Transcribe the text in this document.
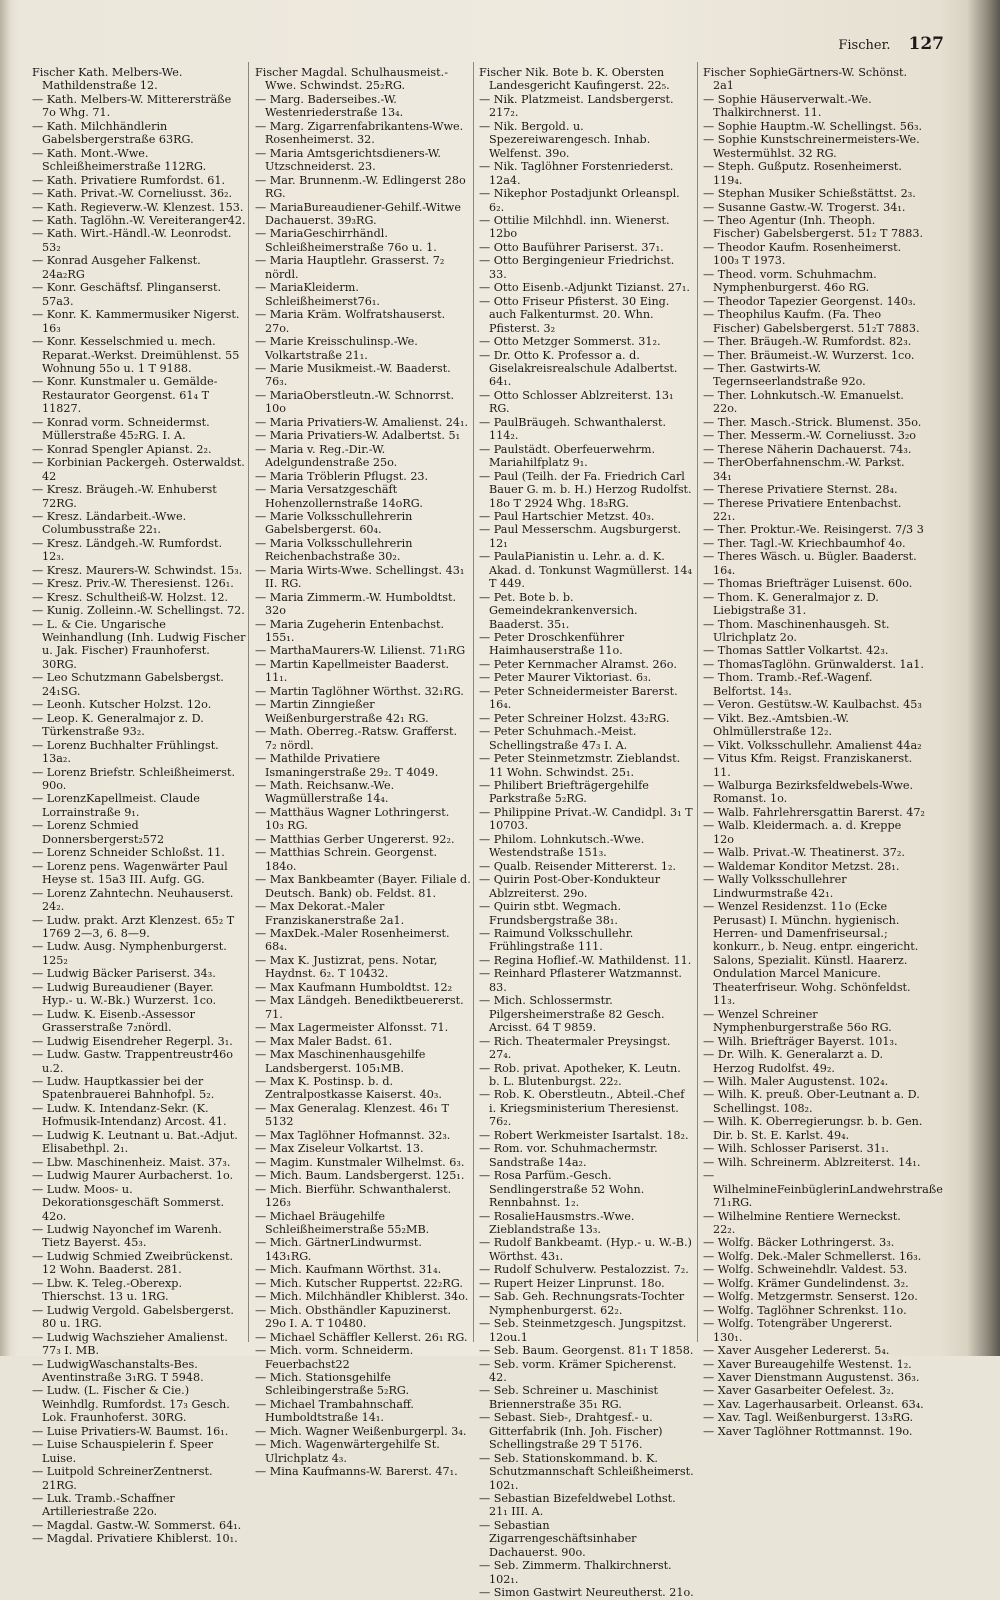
Fischer. 127
Fischer Kath. Melbers-We. Mathildenstraße 12.
— Kath. Melbers-W. Mitterersträße 7o Whg. 71.
— Kath. Milchhändlerin Gabelsbergerstraße 63RG.
— Kath. Mont.-Wwe. Schleißheimerstraße 112RG.
— Kath. Privatiere Rumfordst. 61.
— Kath. Privat.-W. Corneliusst. 36₂.
— Kath. Regieverw.-W. Klenzest. 153.
— Kath. Taglöhn.-W. Vereiteranger42.
— Kath. Wirt.-Händl.-W. Leonrodst. 53₂
— Konrad Ausgeher Falkenst. 24a₂RG
— Konr. Geschäftsf. Plinganserst. 57a3.
— Konr. K. Kammermusiker Nigerst. 16₃
— Konr. Kesselschmied u. mech. Reparat.-Werkst. Dreimühlenst. 55 Wohnung 55o u. 1 T 9188.
— Konr. Kunstmaler u. Gemälde-Restaurator Georgenst. 61₄ T 11827.
— Konrad vorm. Schneidermst. Müllerstraße 45₂RG. I. A.
— Konrad Spengler Apianst. 2₂.
— Korbinian Packergeh. Osterwaldst. 42
— Kresz. Bräugeh.-W. Enhuberst 72RG.
— Kresz. Ländarbeit.-Wwe. Columbusstraße 22₁.
— Kresz. Ländgeh.-W. Rumfordst. 12₃.
— Kresz. Maurers-W. Schwindst. 15₃.
— Kresz. Priv.-W. Theresienst. 126₁.
— Kresz. Schultheiß-W. Holzst. 12.
— Kunig. Zolleinn.-W. Schellingst. 72.
— L. & Cie. Ungarische Weinhandlung (Inh. Ludwig Fischer u. Jak. Fischer) Fraunhoferst. 30RG.
— Leo Schutzmann Gabelsbergst. 24₁SG.
— Leonh. Kutscher Holzst. 12o.
— Leop. K. Generalmajor z. D. Türkenstraße 93₂.
— Lorenz Buchhalter Frühlingst. 13a₂.
— Lorenz Briefstr. Schleißheimerst. 90o.
— LorenzKapellmeist. Claude Lorrainstraße 9₁.
— Lorenz Schmied Donnersbergerst₂572
— Lorenz Schneider Schloßst. 11.
— Lorenz pens. Wagenwärter Paul Heyse st. 15a3 III. Aufg. GG.
— Lorenz Zahntechn. Neuhauserst. 24₂.
— Ludw. prakt. Arzt Klenzest. 65₂ T 1769 2—3, 6. 8—9.
— Ludw. Ausg. Nymphenburgerst. 125₂
— Ludwig Bäcker Pariserst. 34₃.
— Ludwig Bureaudiener (Bayer. Hyp.- u. W.-Bk.) Wurzerst. 1co.
— Ludw. K. Eisenb.-Assessor Grasserstraße 7₂nördl.
— Ludwig Eisendreher Regerpl. 3₁.
— Ludw. Gastw. Trappentreustr46o u.2.
— Ludw. Hauptkassier bei der Spatenbrauerei Bahnhofpl. 5₂.
— Ludw. K. Intendanz-Sekr. (K. Hofmusik-Intendanz) Arcost. 41.
— Ludwig K. Leutnant u. Bat.-Adjut. Elisabethpl. 2₁.
— Lbw. Maschinenheiz. Maist. 37₃.
— Ludwig Maurer Aurbacherst. 1o.
— Ludw. Moos- u. Dekorationsgeschäft Sommerst. 42o.
— Ludwig Nayonchef im Warenh. Tietz Bayerst. 45₃.
— Ludwig Schmied Zweibrückenst. 12 Wohn. Baaderst. 281.
— Lbw. K. Teleg.-Oberexp. Thierschst. 13 u. 1RG.
— Ludwig Vergold. Gabelsbergerst. 80 u. 1RG.
— Ludwig Wachszieher Amalienst. 77₃ I. MB.
— LudwigWaschanstalts-Bes. Aventinstraße 3₁RG. T 5948.
— Ludw. (L. Fischer & Cie.) Weinhdlg. Rumfordst. 17₃ Gesch. Lok. Fraunhoferst. 30RG.
— Luise Privatiers-W. Baumst. 16₁.
— Luise Schauspielerin f. Speer Luise.
— Luitpold SchreinerZentnerst. 21RG.
— Luk. Tramb.-Schaffner Artilleriestraße 22o.
— Magdal. Gastw.-W. Sommerst. 64₁.
— Magdal. Privatiere Khiblerst. 10₁.
Fischer Magdal. Schulhausmeist.-Wwe. Schwindst. 25₂RG.
— Marg. Baderseibes.-W. Westenriederstraße 13₄.
— Marg. Zigarrenfabrikantens-Wwe. Rosenheimerst. 32.
— Maria Amtsgerichtsdieners-W. Utzschneiderst. 23.
— Mar. Brunnenm.-W. Edlingerst 28o RG.
— MariaBureaudiener-Gehilf.-Witwe Dachauerst. 39₃RG.
— MariaGeschirrhändl. Schleißheimerstraße 76o u. 1.
— Maria Hauptlehr. Grasserst. 7₂ nördl.
— MariaKleiderm. Schleißheimerst76₁.
— Maria Kräm. Wolfratshauserst. 27o.
— Marie Kreisschulinsp.-We. Volkartstraße 21₁.
— Marie Musikmeist.-W. Baaderst. 76₃.
— MariaOberstleutn.-W. Schnorrst. 10o
— Maria Privatiers-W. Amalienst. 24₁.
— Maria Privatiers-W. Adalbertst. 5₁
— Maria v. Reg.-Dir.-W. Adelgundenstraße 25o.
— Maria Tröblerin Pflugst. 23.
— Maria Versatzgeschäft Hohenzollernstraße 14oRG.
— Marie Volksschullehrerin Gabelsbergerst. 60₄.
— Maria Volksschullehrerin Reichenbachstraße 30₂.
— Maria Wirts-Wwe. Schellingst. 43₁ II. RG.
— Maria Zimmerm.-W. Humboldtst. 32o
— Maria Zugeherin Entenbachst. 155₁.
— MarthaMaurers-W. Lilienst. 71₁RG
— Martin Kapellmeister Baaderst. 11₁.
— Martin Taglöhner Wörthst. 32₁RG.
— Martin Zinngießer Weißenburgerstraße 42₁ RG.
— Math. Oberreg.-Ratsw. Grafferst. 7₂ nördl.
— Mathilde Privatiere Ismaningerstraße 29₂. T 4049.
— Math. Reichsanw.-We. Wagmüllerstraße 14₄.
— Matthäus Wagner Lothringerst. 10₃ RG.
— Matthias Gerber Ungererst. 92₂.
— Matthias Schrein. Georgenst. 184o.
— Max Bankbeamter (Bayer. Filiale d. Deutsch. Bank) ob. Feldst. 81.
— Max Dekorat.-Maler Franziskanerstraße 2a1.
— MaxDek.-Maler Rosenheimerst. 68₄.
— Max K. Justizrat, pens. Notar, Haydnst. 6₂. T 10432.
— Max Kaufmann Humboldtst. 12₂
— Max Ländgeh. Benediktbeuererst. 71.
— Max Lagermeister Alfonsst. 71.
— Max Maler Badst. 61.
— Max Maschinenhausgehilfe Landsbergerst. 105₁MB.
— Max K. Postinsp. b. d. Zentralpostkasse Kaiserst. 40₃.
— Max Generalag. Klenzest. 46₁ T 5132
— Max Taglöhner Hofmannst. 32₃.
— Max Ziseleur Volkartst. 13.
— Magim. Kunstmaler Wilhelmst. 6₃.
— Mich. Baum. Landsbergerst. 125₁.
— Mich. Bierführ. Schwanthalerst. 126₃
— Michael Bräugehilfe Schleißheimerstraße 55₂MB.
— Mich. GärtnerLindwurmst. 143₁RG.
— Mich. Kaufmann Wörthst. 31₄.
— Mich. Kutscher Ruppertst. 22₂RG.
— Mich. Milchhändler Khiblerst. 34o.
— Mich. Obsthändler Kapuzinerst. 29o I. A. T 10480.
— Michael Schäffler Kellerst. 26₁ RG.
— Mich. vorm. Schneiderm. Feuerbachst22
— Mich. Stationsgehilfe Schleibingerstraße 5₂RG.
— Michael Trambahnschaff. Humboldtstraße 14₁.
— Mich. Wagner Weißenburgerpl. 3₄.
— Mich. Wagenwärtergehilfe St. Ulrichplatz 4₃.
— Mina Kaufmanns-W. Barerst. 47₁.
Fischer Nik. Bote b. K. Obersten Landesgericht Kaufingerst. 22₅.
— Nik. Platzmeist. Landsbergerst. 217₂.
— Nik. Bergold. u. Spezereiwarengesch. Inhab. Welfenst. 39o.
— Nik. Taglöhner Forstenriederst. 12a4.
— Nikephor Postadjunkt Orleanspl. 6₂.
— Ottilie Milchhdl. inn. Wienerst. 12bo
— Otto Bauführer Pariserst. 37₁.
— Otto Bergingenieur Friedrichst. 33.
— Otto Eisenb.-Adjunkt Tizianst. 27₁.
— Otto Friseur Pfisterst. 30 Eing. auch Falkenturmst. 20. Whn. Pfisterst. 3₂
— Otto Metzger Sommerst. 31₂.
— Dr. Otto K. Professor a. d. Giselakreisrealschule Adalbertst. 64₁.
— Otto Schlosser Ablzreiterst. 13₁ RG.
— PaulBräugeh. Schwanthalerst. 114₂.
— Paulstädt. Oberfeuerwehrm. Mariahilfplatz 9₁.
— Paul (Teilh. der Fa. Friedrich Carl Bauer G. m. b. H.) Herzog Rudolfst. 18o T 2924 Whg. 18₃RG.
— Paul Hartschier Metzst. 40₃.
— Paul Messerschm. Augsburgerst. 12₁
— PaulaPianistin u. Lehr. a. d. K. Akad. d. Tonkunst Wagmüllerst. 14₄ T 449.
— Pet. Bote b. b. Gemeindekrankenversich. Baaderst. 35₁.
— Peter Droschkenführer Haimhauserstraße 11o.
— Peter Kernmacher Alramst. 26o.
— Peter Maurer Viktoriast. 6₃.
— Peter Schneidermeister Barerst. 16₄.
— Peter Schreiner Holzst. 43₂RG.
— Peter Schuhmach.-Meist. Schellingstraße 47₃ I. A.
— Peter Steinmetzmstr. Zieblandst. 11 Wohn. Schwindst. 25₁.
— Philibert Briefträgergehilfe Parkstraße 5₂RG.
— Philippine Privat.-W. Candidpl. 3₁ T 10703.
— Philom. Lohnkutsch.-Wwe. Westendstraße 151₃.
— Qualb. Reisender Mittererst. 1₂.
— Quirin Post-Ober-Kondukteur Ablzreiterst. 29o.
— Quirin stbt. Wegmach. Frundsbergstraße 38₁.
— Raimund Volksschullehr. Frühlingstraße 111.
— Regina Hoflief.-W. Mathildenst. 11.
— Reinhard Pflasterer Watzmannst. 83.
— Mich. Schlossermstr. Pilgersheimerstraße 82 Gesch. Arcisst. 64 T 9859.
— Rich. Theatermaler Preysingst. 27₄.
— Rob. privat. Apotheker, K. Leutn. b. L. Blutenburgst. 22₂.
— Rob. K. Oberstleutn., Abteil.-Chef i. Kriegsministerium Theresienst. 76₂.
— Robert Werkmeister Isartalst. 18₂.
— Rom. vor. Schuhmachermstr. Sandstraße 14a₂.
— Rosa Parfüm.-Gesch. Sendlingerstraße 52 Wohn. Rennbahnst. 1₂.
— RosalieHausmstrs.-Wwe. Zieblandstraße 13₃.
— Rudolf Bankbeamt. (Hyp.- u. W.-B.) Wörthst. 43₁.
— Rudolf Schulverw. Pestalozzist. 7₂.
— Rupert Heizer Linprunst. 18o.
— Sab. Geh. Rechnungsrats-Tochter Nymphenburgerst. 62₂.
— Seb. Steinmetzgesch. Jungspitzst. 12ou.1
— Seb. Baum. Georgenst. 81₁ T 1858.
— Seb. vorm. Krämer Spicherenst. 42.
— Seb. Schreiner u. Maschinist Briennerstraße 35₁ RG.
— Sebast. Sieb-, Drahtgesf.- u. Gitterfabrik (Inh. Joh. Fischer) Schellingstraße 29 T 5176.
— Seb. Stationskommand. b. K. Schutzmannschaft Schleißheimerst. 102₁.
— Sebastian Bizefeldwebel Lothst. 21₁ III. A.
— Sebastian Zigarrengeschäftsinhaber Dachauerst. 90o.
— Seb. Zimmerm. Thalkirchnerst. 102₁.
— Simon Gastwirt Neureutherst. 21o.
Fischer SophieGärtners-W. Schönst. 2a1
— Sophie Häuserverwalt.-We. Thalkirchnerst. 11.
— Sophie Hauptm.-W. Schellingst. 56₃.
— Sophie Kunstschreinermeisters-We. Westermühlst. 32 RG.
— Steph. Gußputz. Rosenheimerst. 119₄.
— Stephan Musiker Schießstättst. 2₃.
— Susanne Gastw.-W. Trogerst. 34₁.
— Theo Agentur (Inh. Theoph. Fischer) Gabelsbergerst. 51₂ T 7883.
— Theodor Kaufm. Rosenheimerst. 100₃ T 1973.
— Theod. vorm. Schuhmachm. Nymphenburgerst. 46o RG.
— Theodor Tapezier Georgenst. 140₃.
— Theophilus Kaufm. (Fa. Theo Fischer) Gabelsbergerst. 51₂T 7883.
— Ther. Bräugeh.-W. Rumfordst. 82₃.
— Ther. Bräumeist.-W. Wurzerst. 1co.
— Ther. Gastwirts-W. Tegernseerlandstraße 92o.
— Ther. Lohnkutsch.-W. Emanuelst. 22o.
— Ther. Masch.-Strick. Blumenst. 35o.
— Ther. Messerm.-W. Corneliusst. 3₂o
— Therese Näherin Dachauerst. 74₃.
— TherOberfahnenschm.-W. Parkst. 34₁
— Therese Privatiere Sternst. 28₄.
— Therese Privatiere Entenbachst. 22₁.
— Ther. Proktur.-We. Reisingerst. 7/3 3
— Ther. Tagl.-W. Kriechbaumhof 4o.
— Theres Wäsch. u. Bügler. Baaderst. 16₄.
— Thomas Briefträger Luisenst. 60o.
— Thom. K. Generalmajor z. D. Liebigstraße 31.
— Thom. Maschinenhausgeh. St. Ulrichplatz 2o.
— Thomas Sattler Volkartst. 42₃.
— ThomasTaglöhn. Grünwalderst. 1a1.
— Thom. Tramb.-Ref.-Wagenf. Belfortst. 14₃.
— Veron. Gestütsw.-W. Kaulbachst. 45₃
— Vikt. Bez.-Amtsbien.-W. Ohlmüllerstraße 12₂.
— Vikt. Volksschullehr. Amalienst 44a₂
— Vitus Kfm. Reigst. Franziskanerst. 11.
— Walburga Bezirksfeldwebels-Wwe. Romanst. 1o.
— Walb. Fahrlehrersgattin Barerst. 47₂
— Walb. Kleidermach. a. d. Kreppe 12o
— Walb. Privat.-W. Theatinerst. 37₂.
— Waldemar Konditor Metzst. 28₁.
— Wally Volksschullehrer Lindwurmstraße 42₁.
— Wenzel Residenzst. 11o (Ecke Perusast) I. Münchn. hygienisch. Herren- und Damenfriseursal.; konkurr., b. Neug. entpr. eingericht. Salons, Spezialit. Künstl. Haarerz. Ondulation Marcel Manicure. Theaterfriseur. Wohg. Schönfeldst. 11₃.
— Wenzel Schreiner Nymphenburgerstraße 56o RG.
— Wilh. Briefträger Bayerst. 101₃.
— Dr. Wilh. K. Generalarzt a. D. Herzog Rudolfst. 49₂.
— Wilh. Maler Augustenst. 102₄.
— Wilh. K. preuß. Ober-Leutnant a. D. Schellingst. 108₂.
— Wilh. K. Oberregierungsr. b. b. Gen. Dir. b. St. E. Karlst. 49₄.
— Wilh. Schlosser Pariserst. 31₁.
— Wilh. Schreinerm. Ablzreiterst. 14₁.
— WilhelmineFeinbüglerinLandwehrstraße 71₁RG.
— Wilhelmine Rentiere Werneckst. 22₂.
— Wolfg. Bäcker Lothringerst. 3₃.
— Wolfg. Dek.-Maler Schmellerst. 16₃.
— Wolfg. Schweinehdlr. Valdest. 53.
— Wolfg. Krämer Gundelindenst. 3₂.
— Wolfg. Metzgermstr. Senserst. 12o.
— Wolfg. Taglöhner Schrenkst. 11o.
— Wolfg. Totengräber Ungererst. 130₁.
— Xaver Ausgeher Ledererst. 5₄.
— Xaver Bureaugehilfe Westenst. 1₂.
— Xaver Dienstmann Augustenst. 36₃.
— Xaver Gasarbeiter Oefelest. 3₂.
— Xav. Lagerhausarbeit. Orleanst. 63₄.
— Xav. Tagl. Weißenburgerst. 13₃RG.
— Xaver Taglöhner Rottmannst. 19o.
